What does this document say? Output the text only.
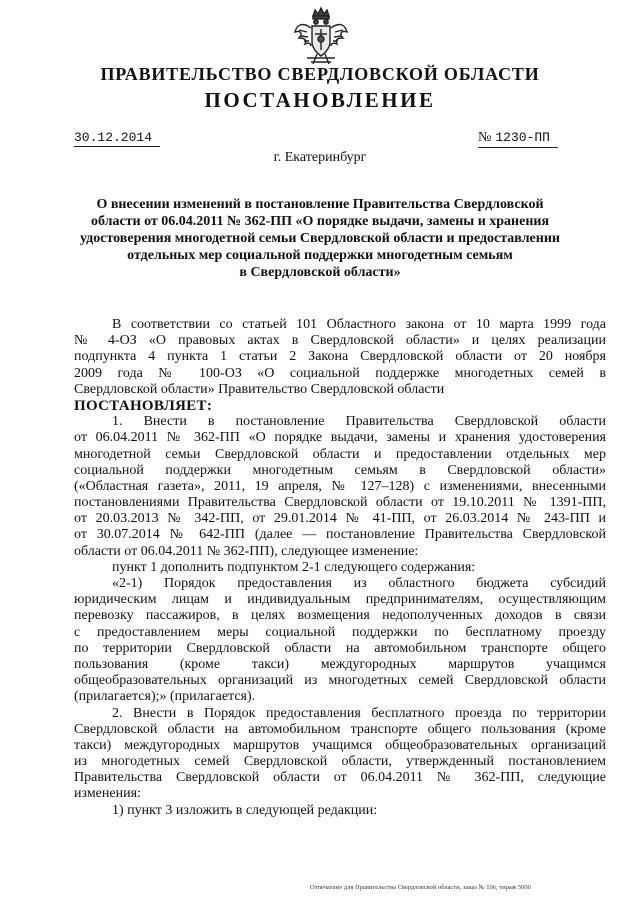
ПРАВИТЕЛЬСТВО СВЕРДЛОВСКОЙ ОБЛАСТИ
ПОСТАНОВЛЕНИЕ
30.12.2014	№ 1230-ПП
г. Екатеринбург
О внесении изменений в постановление Правительства Свердловской
области от 06.04.2011 № 362-ПП «О порядке выдачи, замены и хранения
удостоверения многодетной семьи Свердловской области и предоставлении
отдельных мер социальной поддержки многодетным семьям
в Свердловской области»
В соответствии со статьей 101 Областного закона от 10 марта 1999 года
№ 4-ОЗ «О правовых актах в Свердловской области» и целях реализации
подпункта 4 пункта 1 статьи 2 Закона Свердловской области от 20 ноября
2009 года № 100-ОЗ «О социальной поддержке многодетных семей в
Свердловской области» Правительство Свердловской области
ПОСТАНОВЛЯЕТ:
1. Внести в постановление Правительства Свердловской области
от 06.04.2011 № 362-ПП «О порядке выдачи, замены и хранения удостоверения
многодетной семьи Свердловской области и предоставлении отдельных мер
социальной поддержки многодетным семьям в Свердловской области»
(«Областная газета», 2011, 19 апреля, № 127–128) с изменениями, внесенными
постановлениями Правительства Свердловской области от 19.10.2011 № 1391-ПП,
от 20.03.2013 № 342-ПП, от 29.01.2014 № 41-ПП, от 26.03.2014 № 243-ПП и
от 30.07.2014 № 642-ПП (далее — постановление Правительства Свердловской
области от 06.04.2011 № 362-ПП), следующее изменение:
пункт 1 дополнить подпунктом 2-1 следующего содержания:
«2-1) Порядок предоставления из областного бюджета субсидий
юридическим лицам и индивидуальным предпринимателям, осуществляющим
перевозку пассажиров, в целях возмещения недополученных доходов в связи
с предоставлением меры социальной поддержки по бесплатному проезду
по территории Свердловской области на автомобильном транспорте общего
пользования (кроме такси) междугородных маршрутов учащимся
общеобразовательных организаций из многодетных семей Свердловской области
(прилагается);» (прилагается).
2. Внести в Порядок предоставления бесплатного проезда по территории
Свердловской области на автомобильном транспорте общего пользования (кроме
такси) междугородных маршрутов учащимся общеобразовательных организаций
из многодетных семей Свердловской области, утвержденный постановлением
Правительства Свердловской области от 06.04.2011 № 362-ПП, следующие
изменения:
1) пункт 3 изложить в следующей редакции:
Отпечатано для Правительства Свердловской области, заказ № 106, тираж 5000
